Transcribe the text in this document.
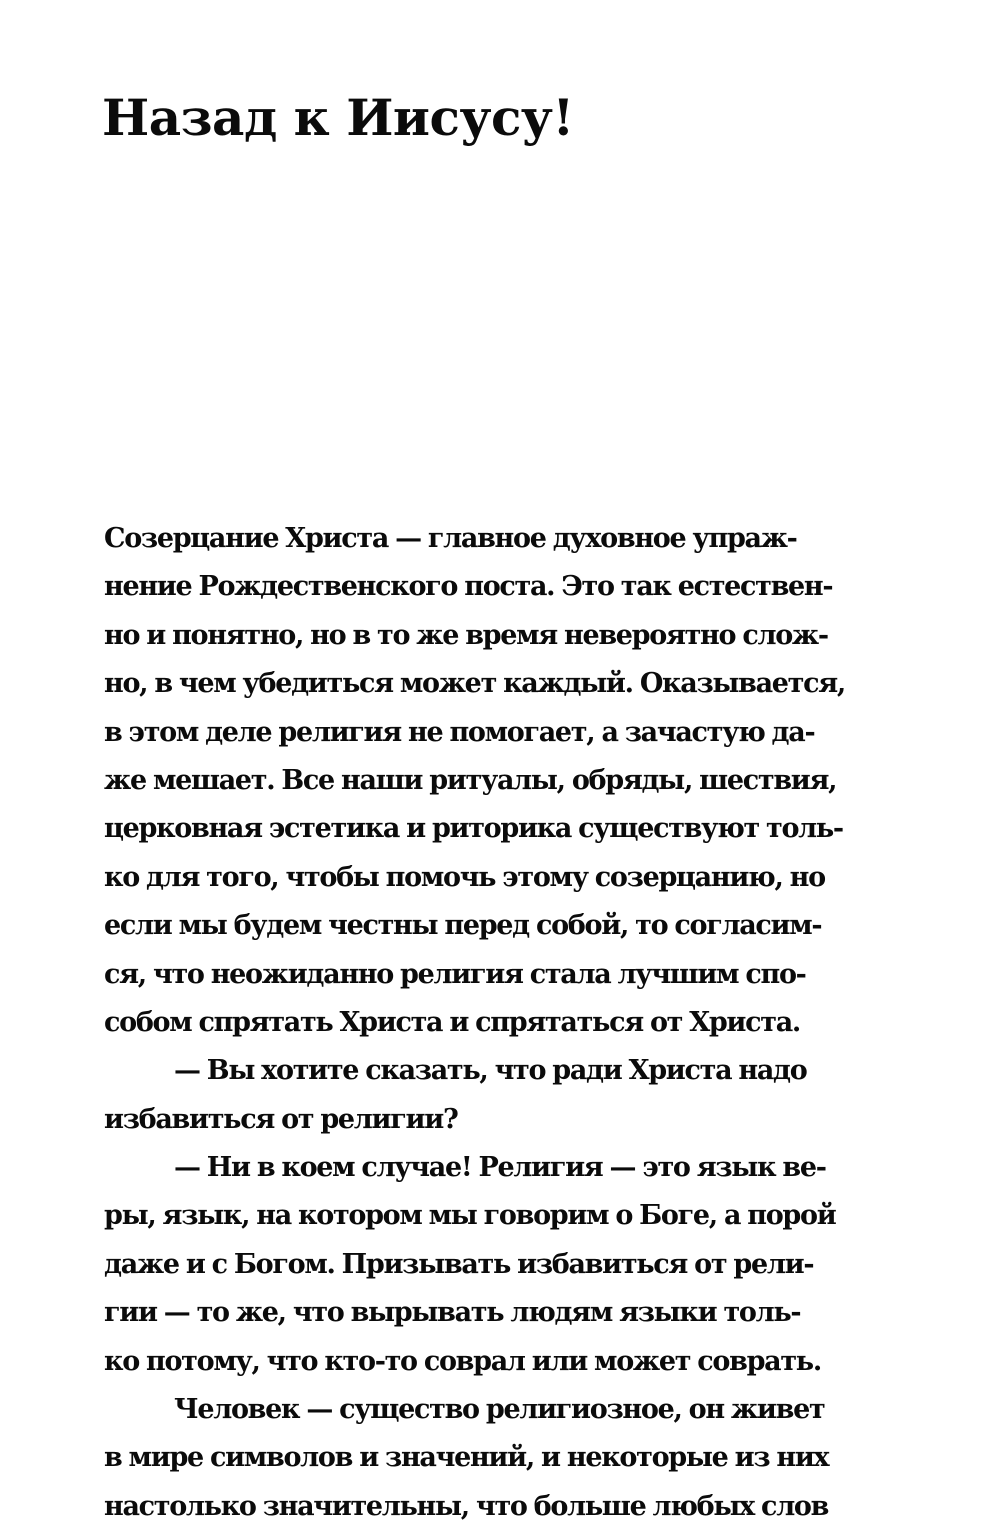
Назад к Иисусу!
Созерцание Христа — главное духовное упраж-
нение Рождественского поста. Это так естествен-
но и понятно, но в то же время невероятно слож-
но, в чем убедиться может каждый. Оказывается,
в этом деле религия не помогает, а зачастую да-
же мешает. Все наши ритуалы, обряды, шествия,
церковная эстетика и риторика существуют толь-
ко для того, чтобы помочь этому созерцанию, но
если мы будем честны перед собой, то согласим-
ся, что неожиданно религия стала лучшим спо-
собом спрятать Христа и спрятаться от Христа.
— Вы хотите сказать, что ради Христа надо
избавиться от религии?
— Ни в коем случае! Религия — это язык ве-
ры, язык, на котором мы говорим о Боге, а порой
даже и с Богом. Призывать избавиться от рели-
гии — то же, что вырывать людям языки толь-
ко потому, что кто-то соврал или может соврать.
Человек — существо религиозное, он живет
в мире символов и значений, и некоторые из них
настолько значительны, что больше любых слов
